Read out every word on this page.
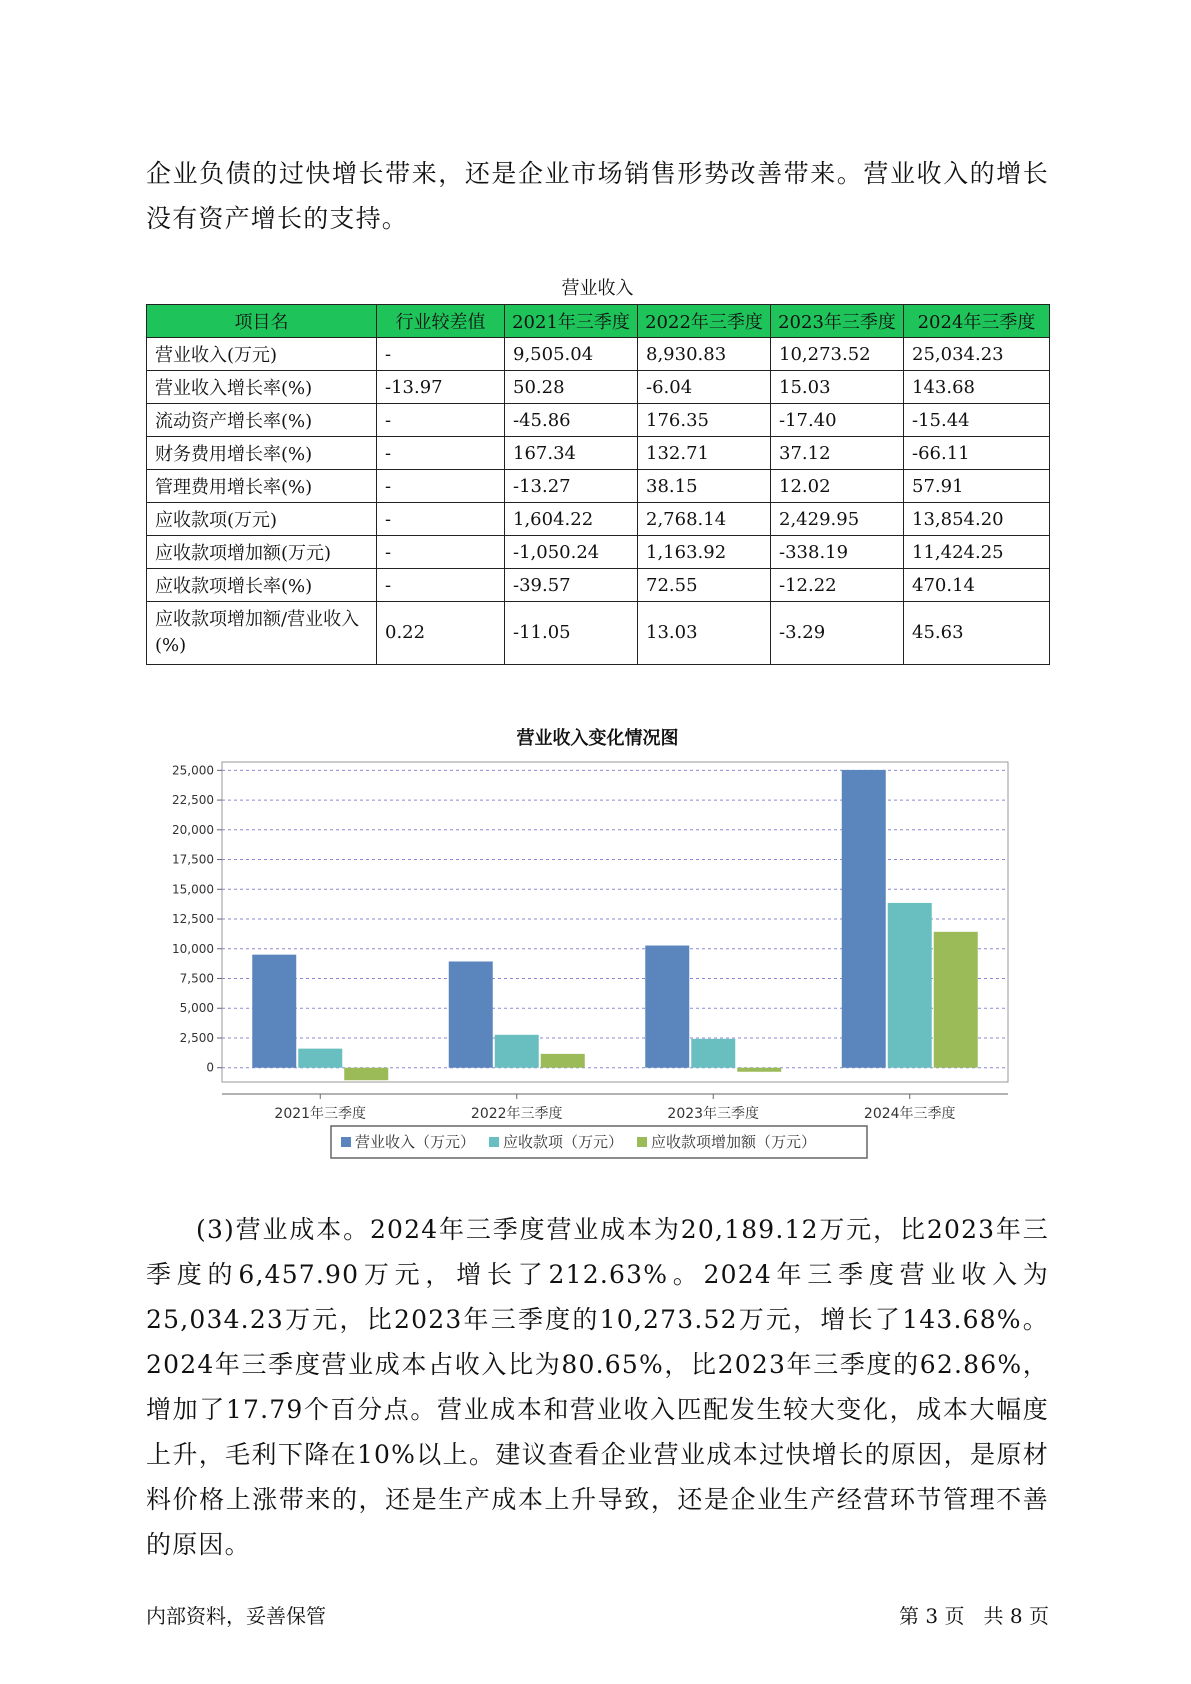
企业负债的过快增长带来，还是企业市场销售形势改善带来。营业收入的增长没有资产增长的支持。

营业收入
项目名	行业较差值	2021年三季度	2022年三季度	2023年三季度	2024年三季度
营业收入(万元)	-	9,505.04	8,930.83	10,273.52	25,034.23
营业收入增长率(%)	-13.97	50.28	-6.04	15.03	143.68
流动资产增长率(%)	-	-45.86	176.35	-17.40	-15.44
财务费用增长率(%)	-	167.34	132.71	37.12	-66.11
管理费用增长率(%)	-	-13.27	38.15	12.02	57.91
应收款项(万元)	-	1,604.22	2,768.14	2,429.95	13,854.20
应收款项增加额(万元)	-	-1,050.24	1,163.92	-338.19	11,424.25
应收款项增长率(%)	-	-39.57	72.55	-12.22	470.14
应收款项增加额/营业收入(%)	0.22	-11.05	13.03	-3.29	45.63
营业收入变化情况图
0
2,500
5,000
7,500
10,000
12,500
15,000
17,500
20,000
22,500
25,000
2021年三季度	2022年三季度	2023年三季度	2024年三季度
营业收入（万元） 应收款项（万元） 应收款项增加额（万元）

(3)营业成本。2024年三季度营业成本为20,189.12万元，比2023年三季度的6,457.90万元，增长了212.63%。2024年三季度营业收入为25,034.23万元，比2023年三季度的10,273.52万元，增长了143.68%。2024年三季度营业成本占收入比为80.65%，比2023年三季度的62.86%，增加了17.79个百分点。营业成本和营业收入匹配发生较大变化，成本大幅度上升，毛利下降在10%以上。建议查看企业营业成本过快增长的原因，是原材料价格上涨带来的，还是生产成本上升导致，还是企业生产经营环节管理不善的原因。

内部资料，妥善保管	第 3 页   共 8 页
